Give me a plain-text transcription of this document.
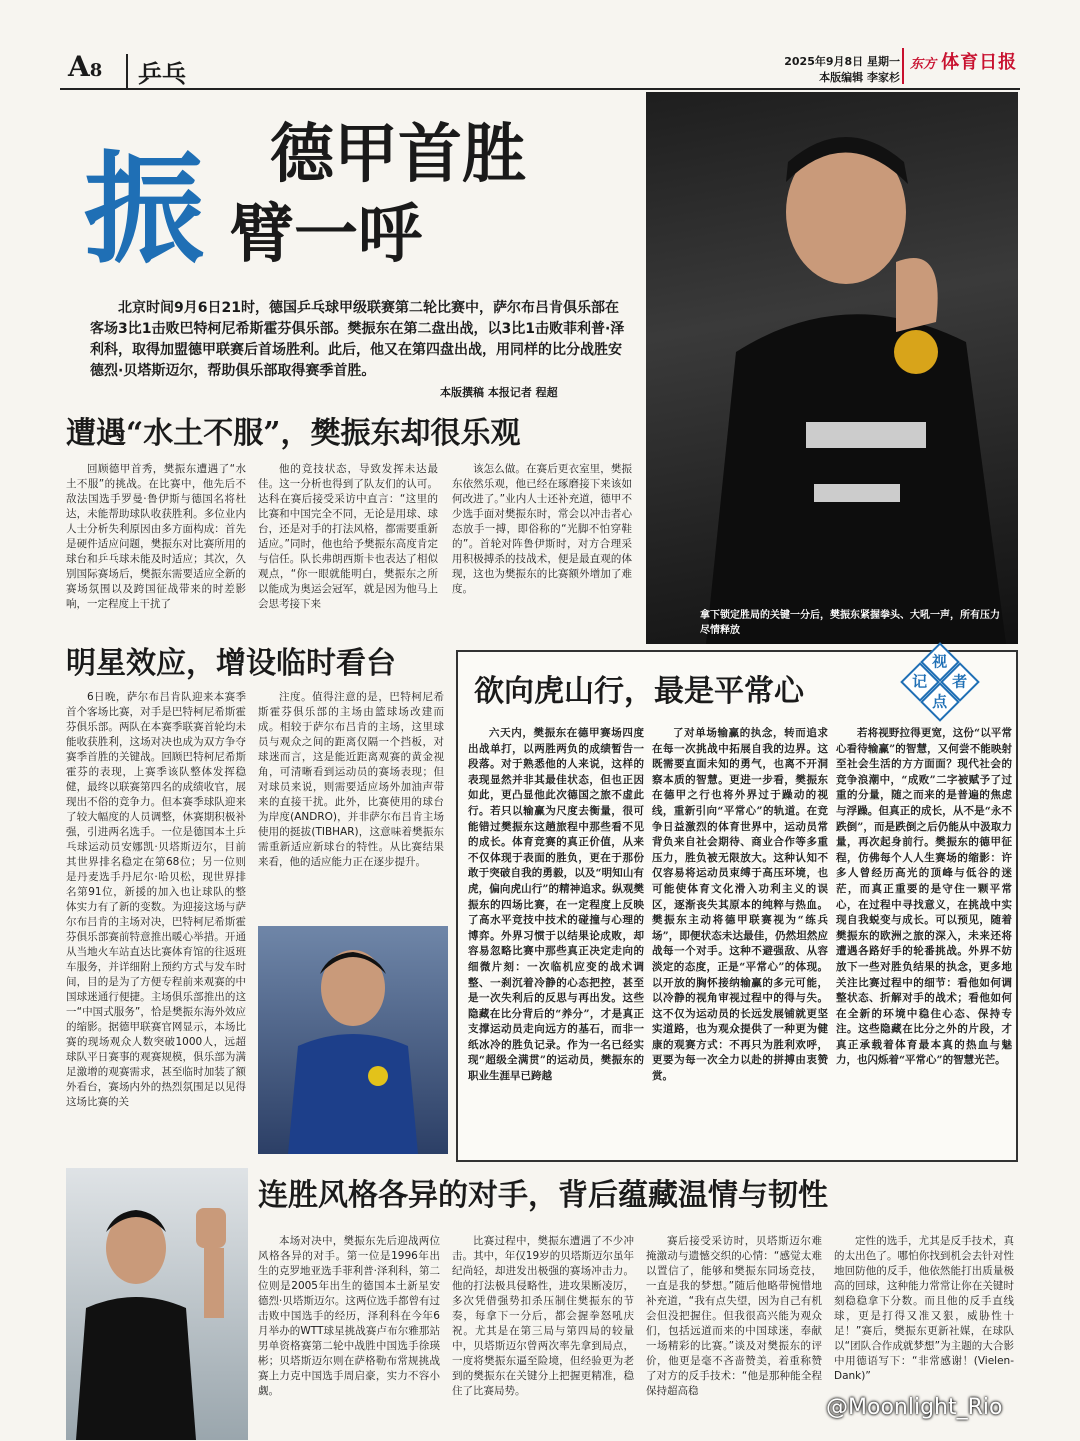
A8	乒乓	2025年9月8日 星期一
本版编辑 李家杉
东方 体育日报
德甲首胜
振 臂一呼
北京时间9月6日21时，德国乒乓球甲级联赛第二轮比赛中，萨尔布吕肯俱乐部在客场3比1击败巴特柯尼希斯霍芬俱乐部。樊振东在第二盘出战，以3比1击败菲利普·泽利科，取得加盟德甲联赛后首场胜利。此后，他又在第四盘出战，用同样的比分战胜安德烈·贝塔斯迈尔，帮助俱乐部取得赛季首胜。
本版撰稿 本报记者 程超
拿下锁定胜局的关键一分后，樊振东紧握拳头、大吼一声，所有压力尽情释放
遭遇“水土不服”，樊振东却很乐观

回顾德甲首秀，樊振东遭遇了“水土不服”的挑战。在比赛中，他先后不敌法国选手罗曼·鲁伊斯与德国名将杜达，未能帮助球队收获胜利。多位业内人士分析失利原因由多方面构成：首先是硬件适应问题，樊振东对比赛所用的球台和乒乓球未能及时适应；其次，久别国际赛场后，樊振东需要适应全新的赛场氛围以及跨国征战带来的时差影响，一定程度上干扰了

他的竞技状态，导致发挥未达最佳。这一分析也得到了队友们的认可。达科在赛后接受采访中直言：“这里的比赛和中国完全不同，无论是用球、球台，还是对手的打法风格，都需要重新适应。”同时，他也给予樊振东高度肯定与信任。队长弗朗西斯卡也表达了相似观点，“你一眼就能明白，樊振东之所以能成为奥运会冠军，就是因为他马上会思考接下来

该怎么做。在赛后更衣室里，樊振东依然乐观，他已经在琢磨接下来该如何改进了。”业内人士还补充道，德甲不少选手面对樊振东时，常会以冲击者心态放手一搏，即俗称的“光脚不怕穿鞋的”。首轮对阵鲁伊斯时，对方合理采用积极搏杀的技战术，便是最直观的体现，这也为樊振东的比赛额外增加了难度。

明星效应，增设临时看台

6日晚，萨尔布吕肯队迎来本赛季首个客场比赛，对手是巴特柯尼希斯霍芬俱乐部。两队在本赛季联赛首轮均未能收获胜利，这场对决也成为双方争夺赛季首胜的关键战。回顾巴特柯尼希斯霍芬的表现，上赛季该队整体发挥稳健，最终以联赛第四名的成绩收官，展现出不俗的竞争力。但本赛季球队迎来了较大幅度的人员调整，休赛期积极补强，引进两名选手。一位是德国本土乒乓球运动员安娜凯·贝塔斯迈尔，目前其世界排名稳定在第68位；另一位则是丹麦选手丹尼尔·哈贝松，现世界排名第91位，新援的加入也让球队的整体实力有了新的变数。为迎接这场与萨尔布吕肯的主场对决，巴特柯尼希斯霍芬俱乐部赛前特意推出暖心举措。开通从当地火车站直达比赛体育馆的往返班车服务，并详细附上预约方式与发车时间，目的是为了方便专程前来观赛的中国球迷通行便捷。主场俱乐部推出的这一“中国式服务”，恰是樊振东海外效应的缩影。据德甲联赛官网显示，本场比赛的现场观众人数突破1000人，远超球队平日赛事的观赛规模，俱乐部为满足激增的观赛需求，甚至临时加装了额外看台，赛场内外的热烈氛围足以见得这场比赛的关

注度。值得注意的是，巴特柯尼希斯霍芬俱乐部的主场由篮球场改建而成。相较于萨尔布吕肯的主场，这里球员与观众之间的距离仅隔一个挡板，对球迷而言，这是能近距离观赛的黄金视角，可清晰看到运动员的赛场表现；但对球员来说，则需要适应场外加油声带来的直接干扰。此外，比赛使用的球台为岸度(ANDRO)，并非萨尔布吕肯主场使用的挺拔(TIBHAR)，这意味着樊振东需重新适应新球台的特性。从比赛结果来看，他的适应能力正在逐步提升。

欲向虎山行，最是平常心
视
记	者
点

六天内，樊振东在德甲赛场四度出战单打，以两胜两负的成绩暂告一段落。对于熟悉他的人来说，这样的表现显然并非其最佳状态，但也正因如此，更凸显他此次德国之旅不虚此行。若只以输赢为尺度去衡量，很可能错过樊振东这趟旅程中那些看不见的成长。体育竞赛的真正价值，从来不仅体现于表面的胜负，更在于那份敢于突破自我的勇毅，以及“明知山有虎，偏向虎山行”的精神追求。纵观樊振东的四场比赛，在一定程度上反映了高水平竞技中技术的碰撞与心理的博弈。外界习惯于以结果论成败，却容易忽略比赛中那些真正决定走向的细微片刻：一次临机应变的战术调整、一刹沉着冷静的心态把控，甚至是一次失利后的反思与再出发。这些隐藏在比分背后的“养分”，才是真正支撑运动员走向远方的基石，而非一纸冰冷的胜负记录。作为一名已经实现“超级全满贯”的运动员，樊振东的职业生涯早已跨越

了对单场输赢的执念，转而追求在每一次挑战中拓展自我的边界。这既需要直面未知的勇气，也离不开洞察本质的智慧。更进一步看，樊振东在德甲之行也将外界过于躁动的视线，重新引向“平常心”的轨道。在竞争日益激烈的体育世界中，运动员常背负来自社会期待、商业合作等多重压力，胜负被无限放大。这种认知不仅容易将运动员束缚于高压环境，也可能使体育文化滑入功利主义的误区，逐渐丧失其原本的纯粹与热血。樊振东主动将德甲联赛视为“练兵场”，即便状态未达最佳，仍然坦然应战每一个对手。这种不避强敌、从容淡定的态度，正是“平常心”的体现。以开放的胸怀接纳输赢的多元可能，以冷静的视角审视过程中的得与失。这不仅为运动员的长远发展铺就更坚实道路，也为观众提供了一种更为健康的观赛方式：不再只为胜利欢呼，更要为每一次全力以赴的拼搏由衷赞赏。

若将视野拉得更宽，这份“以平常心看待输赢”的智慧，又何尝不能映射至社会生活的方方面面？现代社会的竞争浪潮中，“成败”二字被赋予了过重的分量，随之而来的是普遍的焦虑与浮躁。但真正的成长，从不是“永不跌倒”，而是跌倒之后仍能从中汲取力量，再次起身前行。樊振东的德甲征程，仿佛每个人人生赛场的缩影：许多人曾经历高光的顶峰与低谷的迷茫，而真正重要的是守住一颗平常心，在过程中寻找意义，在挑战中实现自我蜕变与成长。可以预见，随着樊振东的欧洲之旅的深入，未来还将遭遇各路好手的轮番挑战。外界不妨放下一些对胜负结果的执念，更多地关注比赛过程中的细节：看他如何调整状态、折解对手的战术；看他如何在全新的环境中稳住心态、保持专注。这些隐藏在比分之外的片段，才真正承载着体育最本真的热血与魅力，也闪烁着“平常心”的智慧光芒。

连胜风格各异的对手，背后蕴藏温情与韧性

本场对决中，樊振东先后迎战两位风格各异的对手。第一位是1996年出生的克罗地亚选手菲利普·泽利科，第二位则是2005年出生的德国本土新星安德烈·贝塔斯迈尔。这两位选手都曾有过击败中国选手的经历，泽利科在今年6月举办的WTT球星挑战赛卢布尔雅那站男单资格赛第二轮中战胜中国选手徐瑛彬；贝塔斯迈尔则在萨格勒布常规挑战赛上力克中国选手周启豪，实力不容小觑。

比赛过程中，樊振东遭遇了不少冲击。其中，年仅19岁的贝塔斯迈尔虽年纪尚轻，却进发出极强的赛场冲击力。他的打法极具侵略性，进攻果断凌厉，多次凭借强势扣杀压制住樊振东的节奏，每拿下一分后，都会握拳怒吼庆祝。尤其是在第三局与第四局的较量中，贝塔斯迈尔曾两次率先拿到局点，一度将樊振东逼至险境，但经验更为老到的樊振东在关键分上把握更精准，稳住了比赛局势。

赛后接受采访时，贝塔斯迈尔难掩激动与遗憾交织的心情：“感觉太难以置信了，能够和樊振东同场竞技，一直是我的梦想。”随后他略带惋惜地补充道，“我有点失望，因为自己有机会但没把握住。但我很高兴能为观众们，包括远道而来的中国球迷，奉献一场精彩的比赛。”谈及对樊振东的评价，他更是毫不吝啬赞美，着重称赞了对方的反手技术：“他是那种能全程保持超高稳

定性的选手，尤其是反手技术，真的太出色了。哪怕你找到机会去针对性地回防他的反手，他依然能打出质量极高的回球，这种能力常常让你在关键时刻稳稳拿下分数。而且他的反手直线球，更是打得又准又狠，威胁性十足！”赛后，樊振东更新社媒，在球队以“团队合作成就梦想”为主题的大合影中用德语写下：“非常感谢！(Vielen-Dank)”

@Moonlight_Rio
